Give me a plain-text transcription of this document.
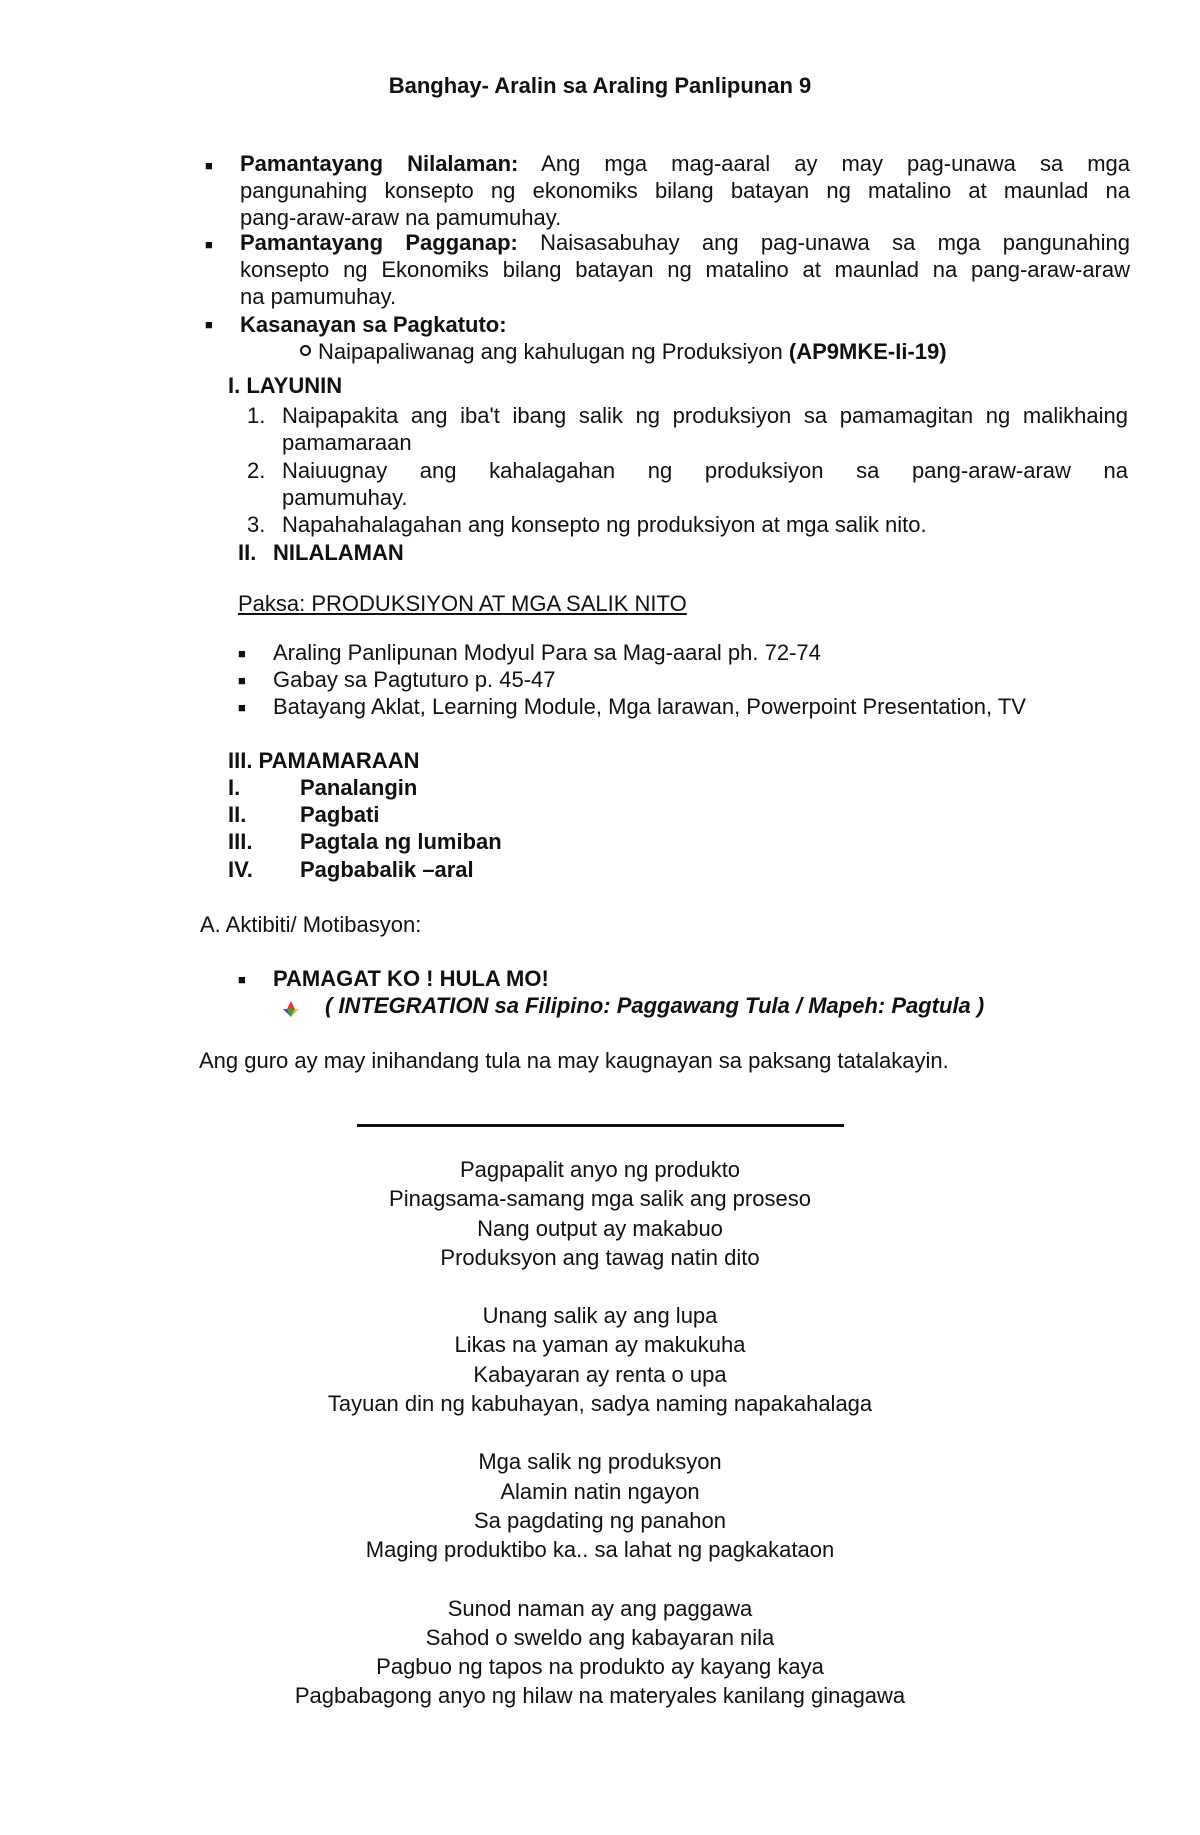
Banghay- Aralin sa Araling Panlipunan 9
■ Pamantayang Nilalaman: Ang mga mag-aaral ay may pag-unawa sa mga
pangunahing konsepto ng ekonomiks bilang batayan ng matalino at maunlad na
pang-araw-araw na pamumuhay.
■ Pamantayang Pagganap: Naisasabuhay ang pag-unawa sa mga pangunahing
konsepto ng Ekonomiks bilang batayan ng matalino at maunlad na pang-araw-araw
na pamumuhay.
■ Kasanayan sa Pagkatuto:
Naipapaliwanag ang kahulugan ng Produksiyon (AP9MKE-Ii-19)
I. LAYUNIN
1. Naipapakita ang iba't ibang salik ng produksiyon sa pamamagitan ng malikhaing
pamamaraan
2. Naiuugnay ang kahalagahan ng produksiyon sa pang-araw-araw na
pamumuhay.
3. Napahahalagahan ang konsepto ng produksiyon at mga salik nito.
II. NILALAMAN
Paksa: PRODUKSIYON AT MGA SALIK NITO
■ Araling Panlipunan Modyul Para sa Mag-aaral ph. 72-74
■ Gabay sa Pagtuturo p. 45-47
■ Batayang Aklat, Learning Module, Mga larawan, Powerpoint Presentation, TV
III. PAMAMARAAN
I.	Panalangin
II. Pagbati
III. Pagtala ng lumiban
IV. Pagbabalik –aral
A. Aktibiti/ Motibasyon:
■ PAMAGAT KO ! HULA MO!
( INTEGRATION sa Filipino: Paggawang Tula / Mapeh: Pagtula )
Ang guro ay may inihandang tula na may kaugnayan sa paksang tatalakayin.
Pagpapalit anyo ng produkto
Pinagsama-samang mga salik ang proseso
Nang output ay makabuo
Produksyon ang tawag natin dito
Unang salik ay ang lupa
Likas na yaman ay makukuha
Kabayaran ay renta o upa
Tayuan din ng kabuhayan, sadya naming napakahalaga
Mga salik ng produksyon
Alamin natin ngayon
Sa pagdating ng panahon
Maging produktibo ka.. sa lahat ng pagkakataon
Sunod naman ay ang paggawa
Sahod o sweldo ang kabayaran nila
Pagbuo ng tapos na produkto ay kayang kaya
Pagbabagong anyo ng hilaw na materyales kanilang ginagawa
